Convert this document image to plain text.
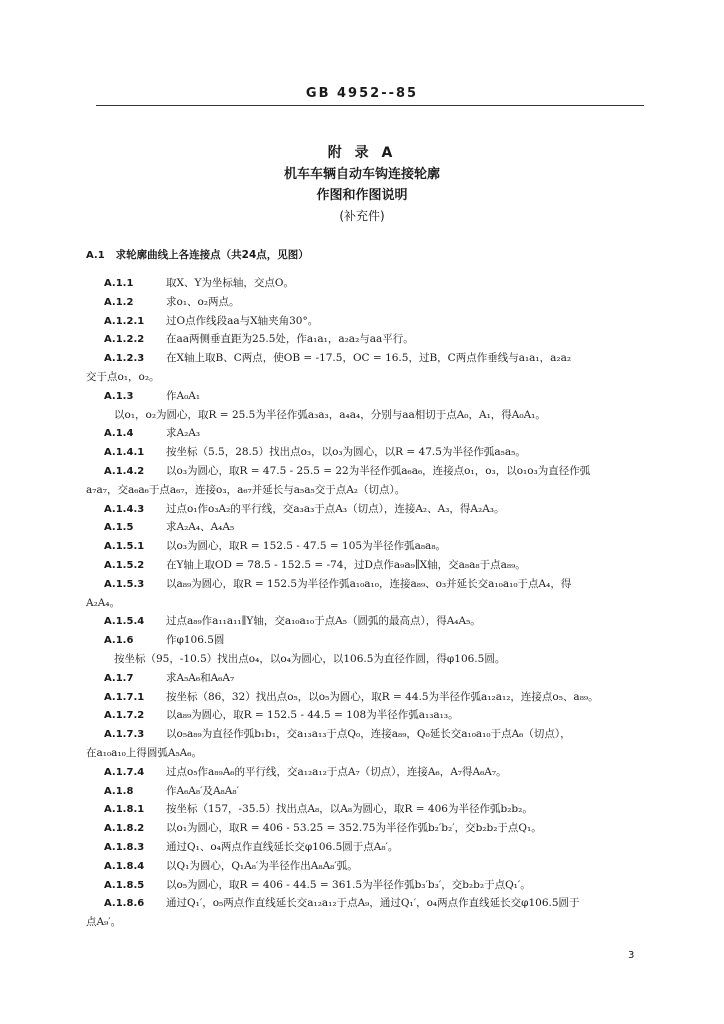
GB 4952--85
附 录 A
机车车辆自动车钩连接轮廓
作图和作图说明
(补充件)
A.1 求轮廓曲线上各连接点（共24点，见图）
A.1.1	取X、Y为坐标轴，交点O。
A.1.2	求o₁、o₂两点。
A.1.2.1 过O点作线段aa与X轴夹角30°。
A.1.2.2 在aa两侧垂直距为25.5处，作a₁a₁，a₂a₂与aa平行。
A.1.2.3 在X轴上取B、C两点，使OB = -17.5，OC = 16.5，过B，C两点作垂线与a₁a₁，a₂a₂
交于点o₁，o₂。
A.1.3	作A₀A₁
以o₁，o₂为圆心，取R = 25.5为半径作弧a₃a₃，a₄a₄，分别与aa相切于点A₀，A₁，得A₀A₁。
A.1.4	求A₂A₃
A.1.4.1 按坐标（5.5，28.5）找出点o₃，以o₃为圆心，以R = 47.5为半径作弧a₅a₅。
A.1.4.2 以o₃为圆心，取R = 47.5 - 25.5 = 22为半径作弧a₆a₆，连接点o₁，o₃，以o₁o₃为直径作弧
a₇a₇，交a₆a₆于点a₆₇，连接o₃，a₆₇并延长与a₅a₅交于点A₂（切点）。
A.1.4.3 过点o₁作o₃A₂的平行线，交a₃a₃于点A₃（切点），连接A₂、A₃，得A₂A₃。
A.1.5	求A₂A₄、A₄A₅
A.1.5.1 以o₃为圆心，取R = 152.5 - 47.5 = 105为半径作弧a₈a₈。
A.1.5.2 在Y轴上取OD = 78.5 - 152.5 = -74，过D点作a₉a₉∥X轴，交a₈a₈于点a₈₉。
A.1.5.3 以a₈₉为圆心，取R = 152.5为半径作弧a₁₀a₁₀，连接a₈₉、o₃并延长交a₁₀a₁₀于点A₄，得
A₂A₄。
A.1.5.4 过点a₈₉作a₁₁a₁₁∥Y轴，交a₁₀a₁₀于点A₅（圆弧的最高点），得A₄A₅。
A.1.6	作φ106.5圆
按坐标（95，-10.5）找出点o₄，以o₄为圆心，以106.5为直径作圆，得φ106.5圆。
A.1.7	求A₅A₆和A₆A₇
A.1.7.1 按坐标（86，32）找出点o₅，以o₅为圆心，取R = 44.5为半径作弧a₁₂a₁₂，连接点o₅、a₈₉。
A.1.7.2 以a₈₉为圆心，取R = 152.5 - 44.5 = 108为半径作弧a₁₃a₁₃。
A.1.7.3 以o₅a₈₉为直径作弧b₁b₁，交a₁₃a₁₃于点Q₀，连接a₈₉，Q₀延长交a₁₀a₁₀于点A₆（切点），
在a₁₀a₁₀上得圆弧A₅A₆。
A.1.7.4 过点o₅作a₈₉A₆的平行线，交a₁₂a₁₂于点A₇（切点），连接A₆，A₇得A₆A₇。
A.1.8	作A₆A₈′及A₈A₈′
A.1.8.1 按坐标（157，-35.5）找出点A₈，以A₈为圆心，取R = 406为半径作弧b₂b₂。
A.1.8.2 以o₁为圆心，取R = 406 - 53.25 = 352.75为半径作弧b₂′b₂′，交b₂b₂于点Q₁。
A.1.8.3 通过Q₁、o₄两点作直线延长交φ106.5圆于点A₈′。
A.1.8.4 以Q₁为圆心，Q₁A₈′为半径作出A₈A₈′弧。
A.1.8.5 以o₅为圆心，取R = 406 - 44.5 = 361.5为半径作弧b₃′b₃′，交b₂b₂于点Q₁′。
A.1.8.6 通过Q₁′，o₅两点作直线延长交a₁₂a₁₂于点A₉，通过Q₁′，o₄两点作直线延长交φ106.5圆于
点A₉′。
3
